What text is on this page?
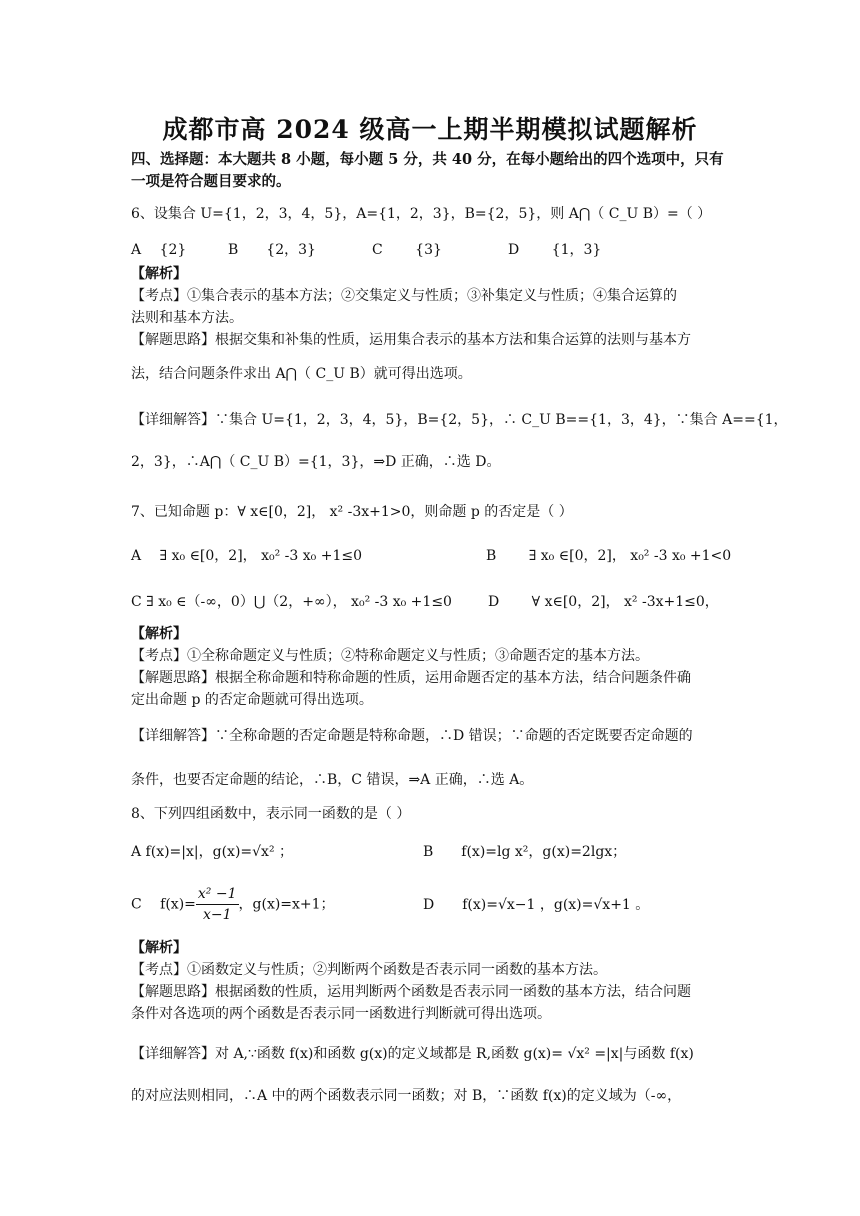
成都市高 2024 级高一上期半期模拟试题解析
四、选择题：本大题共 8 小题，每小题 5 分，共 40 分，在每小题给出的四个选项中，只有
一项是符合题目要求的。
6、设集合 U={1，2，3，4，5}，A={1，2，3}，B={2，5}，则 A⋂（ C_U B）=（ ）
A　 {2}	B　　{2，3}	C　　 {3}	D　　 {1，3}
【解析】
【考点】①集合表示的基本方法；②交集定义与性质；③补集定义与性质；④集合运算的
法则和基本方法。
【解题思路】根据交集和补集的性质，运用集合表示的基本方法和集合运算的法则与基本方
法，结合问题条件求出 A⋂（ C_U B）就可得出选项。
【详细解答】∵集合 U={1，2，3，4，5}，B={2，5}，∴ C_U B=={1，3，4}，∵集合 A=={1，
2，3}，∴A⋂（ C_U B）={1，3}，⇒D 正确，∴选 D。
7、已知命题 p：∀ x∈[0，2]， x² -3x+1>0，则命题 p 的否定是（ ）
A　 ∃ x₀ ∈[0，2]， x₀² -3 x₀ +1≤0	B　　 ∃ x₀ ∈[0，2]， x₀² -3 x₀ +1<0
C ∃ x₀ ∈（-∞，0）⋃（2，+∞）， x₀² -3 x₀ +1≤0	D　　 ∀ x∈[0，2]， x² -3x+1≤0，
【解析】
【考点】①全称命题定义与性质；②特称命题定义与性质；③命题否定的基本方法。
【解题思路】根据全称命题和特称命题的性质，运用命题否定的基本方法，结合问题条件确
定出命题 p 的否定命题就可得出选项。
【详细解答】∵全称命题的否定命题是特称命题，∴D 错误；∵命题的否定既要否定命题的
条件，也要否定命题的结论，∴B，C 错误，⇒A 正确，∴选 A。
8、下列四组函数中，表示同一函数的是（ ）
A f(x)=|x|，g(x)=√x² ；	B　　f(x)=lg x²，g(x)=2lgx；
C　 $f(x)= \frac{\text{x² −1}}{x-1}$ ，g(x)=x+1；	D　　f(x)=√x−1 ，g(x)=√x+1 。
【解析】
【考点】①函数定义与性质；②判断两个函数是否表示同一函数的基本方法。
【解题思路】根据函数的性质，运用判断两个函数是否表示同一函数的基本方法，结合问题
条件对各选项的两个函数是否表示同一函数进行判断就可得出选项。
【详细解答】对 A,∵函数 f(x)和函数 g(x)的定义域都是 R,函数 g(x)= √x² =|x|与函数 f(x)
的对应法则相同，∴A 中的两个函数表示同一函数；对 B，∵函数 f(x)的定义域为（-∞，
